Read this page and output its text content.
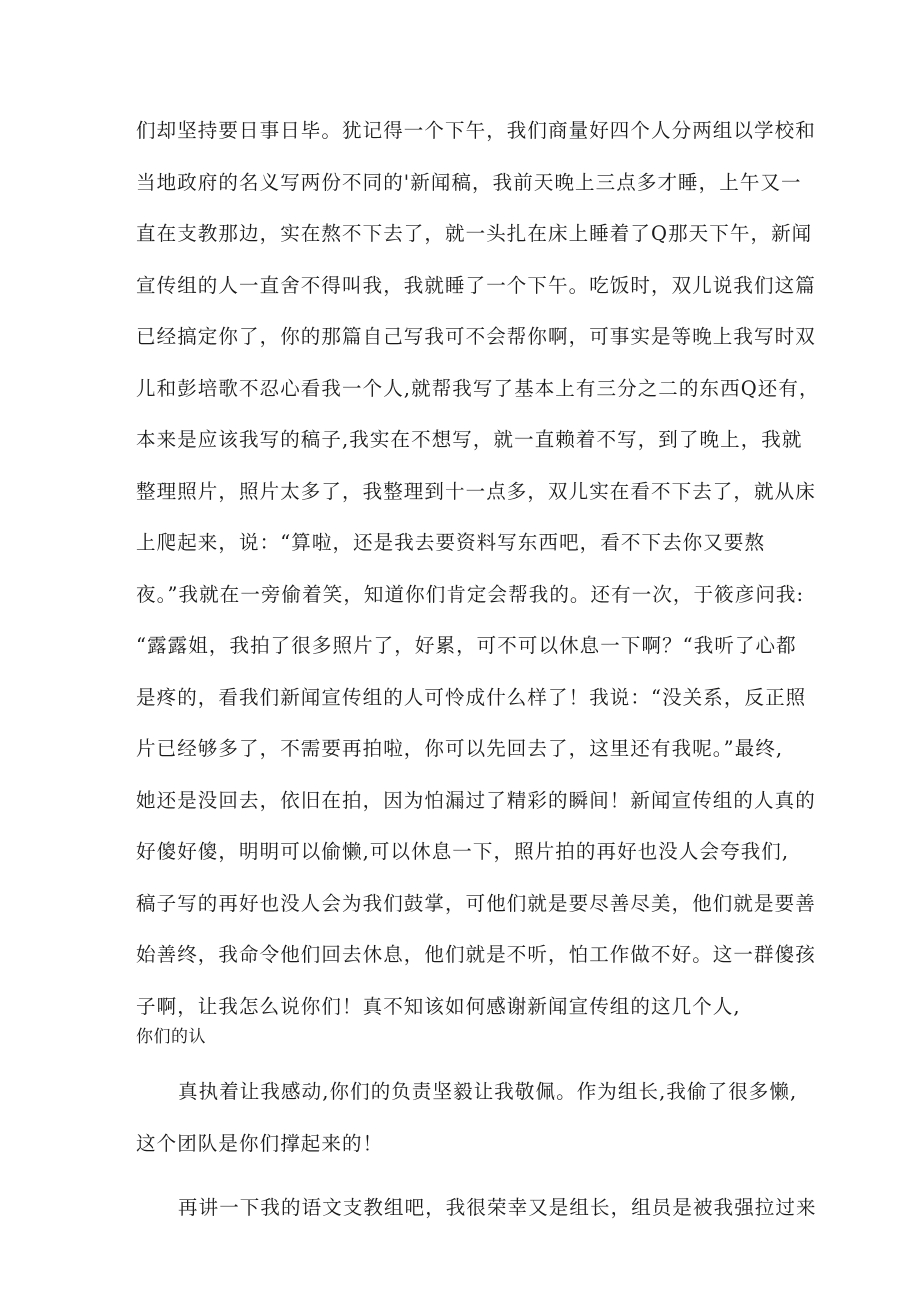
们却坚持要日事日毕。犹记得一个下午，我们商量好四个人分两组以学校和
当地政府的名义写两份不同的'新闻稿，我前天晚上三点多才睡，上午又一
直在支教那边，实在熬不下去了，就一头扎在床上睡着了Q那天下午，新闻
宣传组的人一直舍不得叫我，我就睡了一个下午。吃饭时，双儿说我们这篇
已经搞定你了，你的那篇自己写我可不会帮你啊，可事实是等晚上我写时双
儿和彭培歌不忍心看我一个人,就帮我写了基本上有三分之二的东西Q还有，
本来是应该我写的稿子,我实在不想写，就一直赖着不写，到了晚上，我就
整理照片，照片太多了，我整理到十一点多，双儿实在看不下去了，就从床
上爬起来，说：“算啦，还是我去要资料写东西吧，看不下去你又要熬
夜。”我就在一旁偷着笑，知道你们肯定会帮我的。还有一次，于筱彦问我:
“露露姐，我拍了很多照片了，好累，可不可以休息一下啊？“我听了心都
是疼的，看我们新闻宣传组的人可怜成什么样了！我说：“没关系，反正照
片已经够多了，不需要再拍啦，你可以先回去了，这里还有我呢。”最终,
她还是没回去，依旧在拍，因为怕漏过了精彩的瞬间！新闻宣传组的人真的
好傻好傻，明明可以偷懒,可以休息一下，照片拍的再好也没人会夸我们,
稿子写的再好也没人会为我们鼓掌，可他们就是要尽善尽美，他们就是要善
始善终，我命令他们回去休息，他们就是不听，怕工作做不好。这一群傻孩
子啊，让我怎么说你们！真不知该如何感谢新闻宣传组的这几个人,
你们的认
真执着让我感动,你们的负责坚毅让我敬佩。作为组长,我偷了很多懒,
这个团队是你们撑起来的！
再讲一下我的语文支教组吧，我很荣幸又是组长，组员是被我强拉过来
